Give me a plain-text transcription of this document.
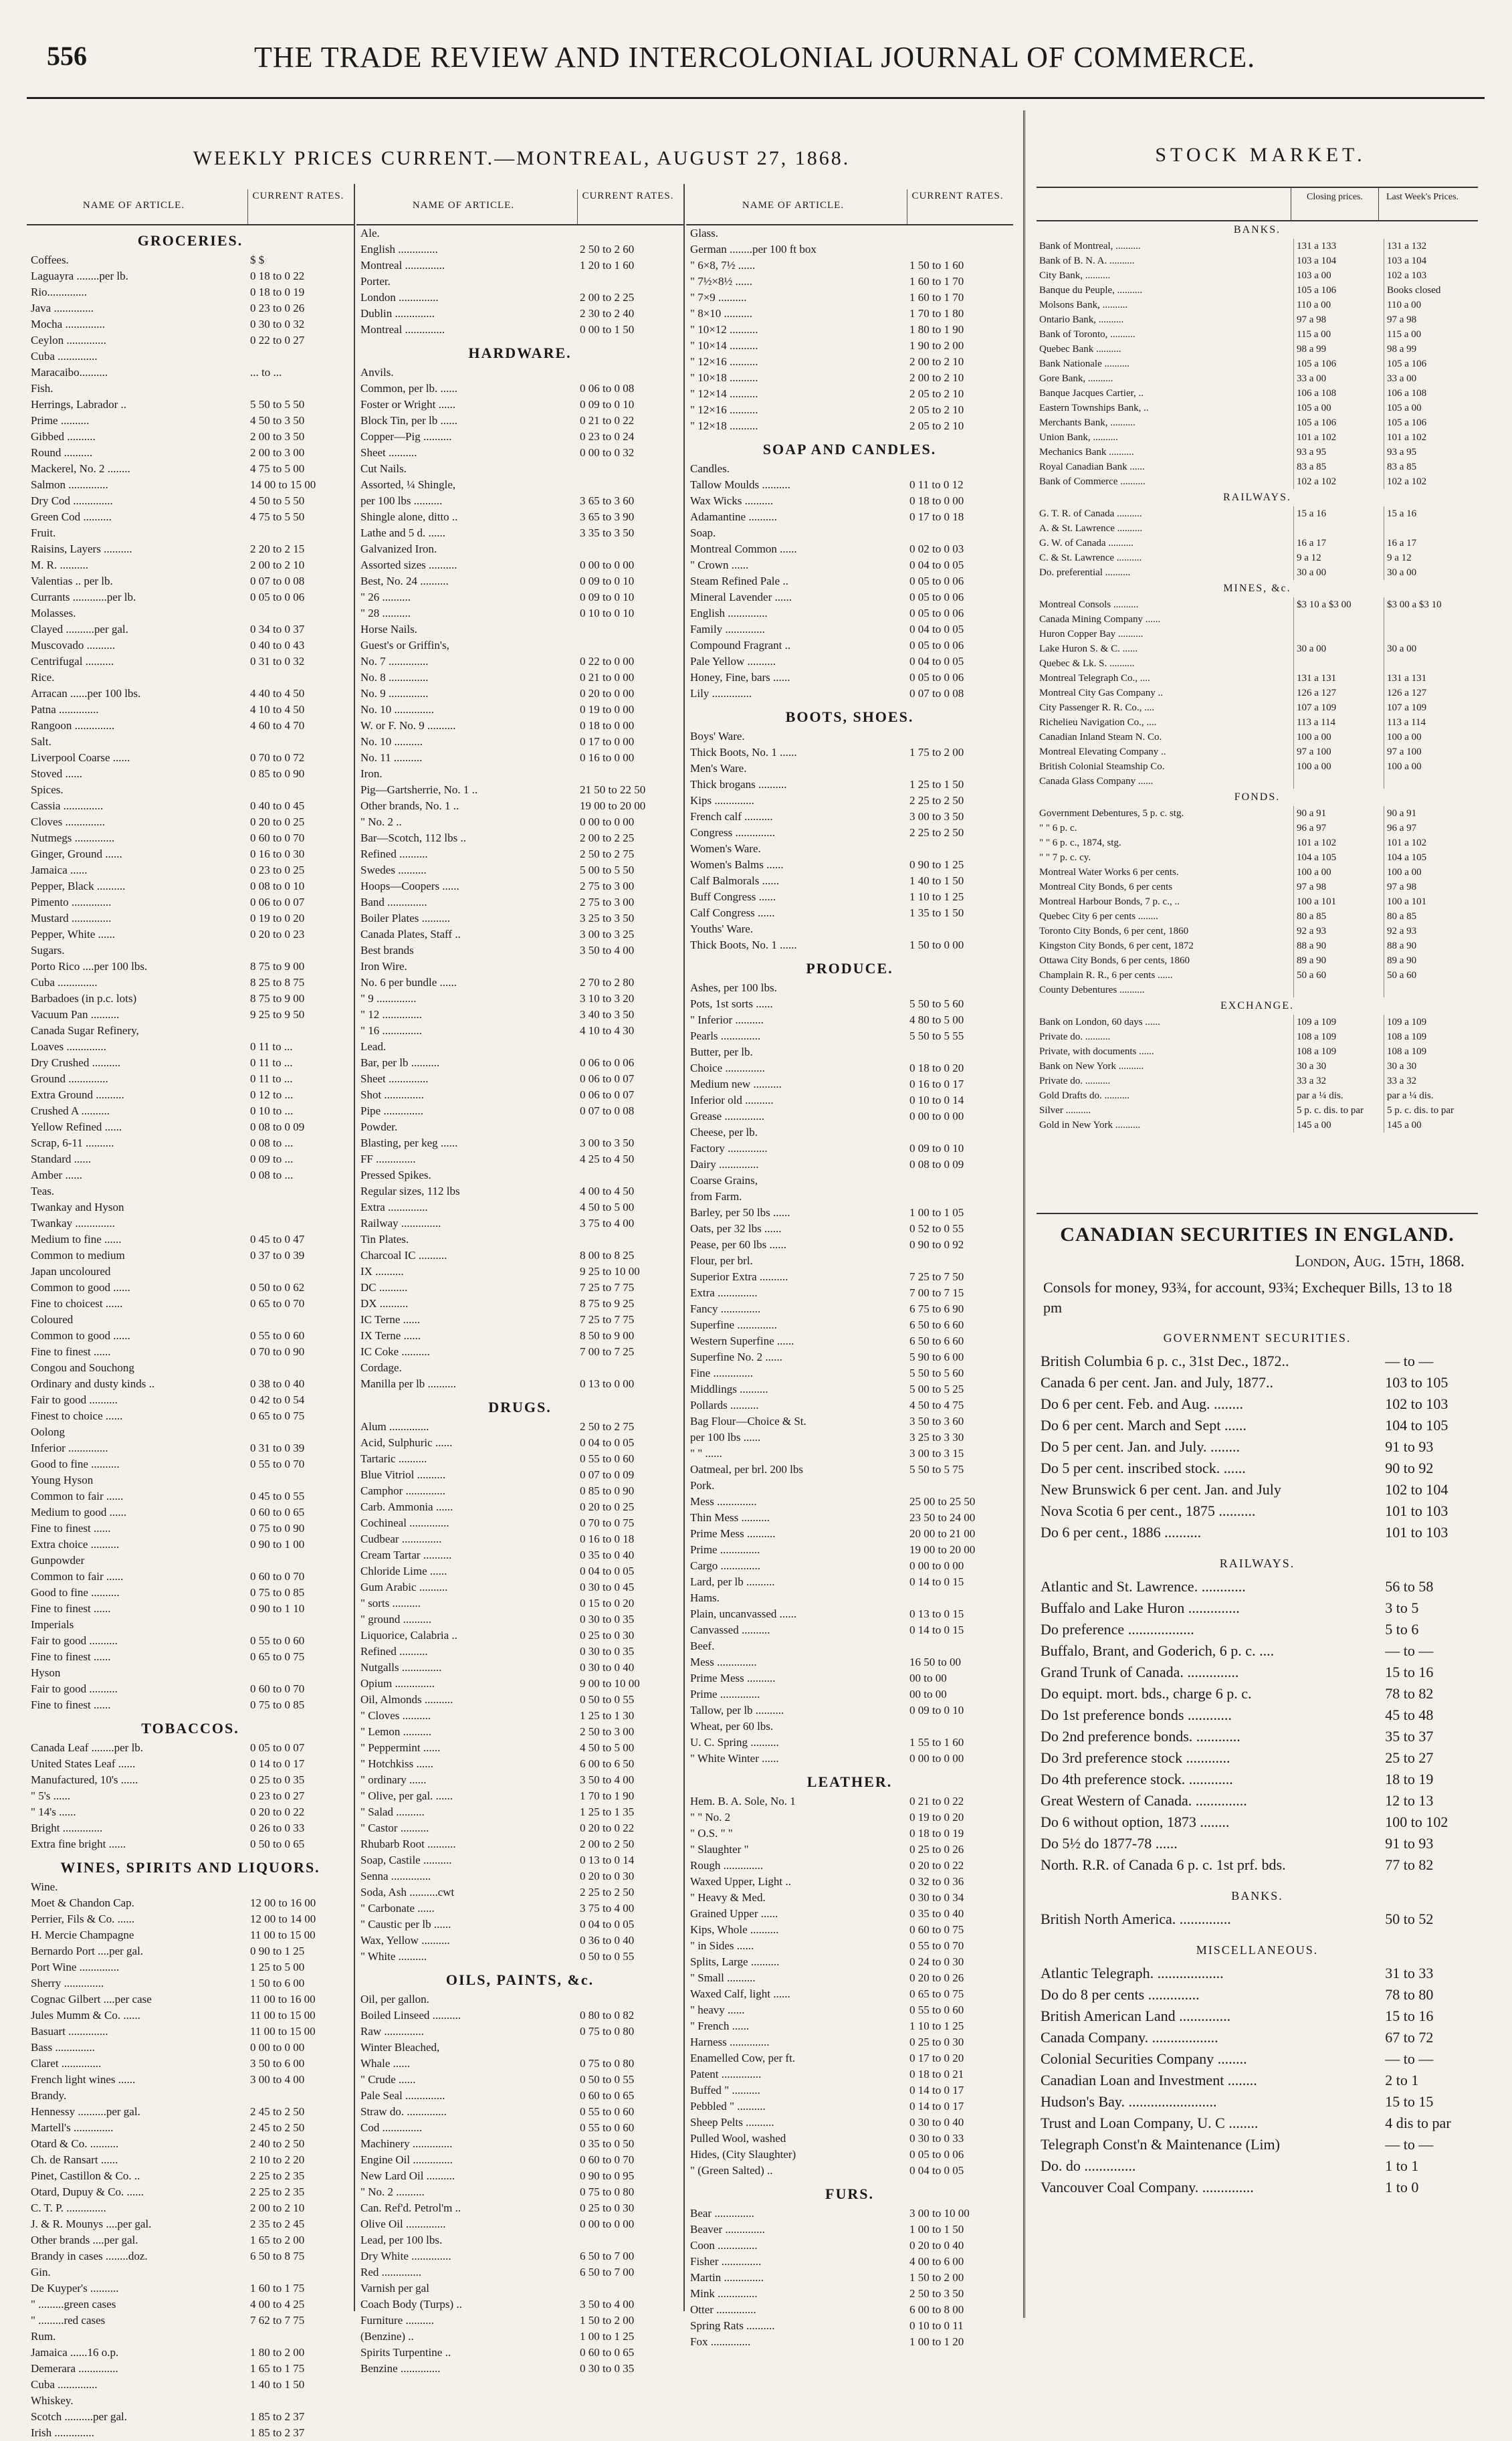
556	THE TRADE REVIEW AND INTERCOLONIAL JOURNAL OF COMMERCE.
WEEKLY PRICES CURRENT.—MONTREAL, AUGUST 27, 1868.
NAME OF ARTICLE.
CURRENT RATES.
GROCERIES.
Coffees.	$ $
Laguayra ........per lb.	0 18 to 0 22
Rio..............	0 18 to 0 19
Java ..............	0 23 to 0 26
Mocha ..............	0 30 to 0 32
Ceylon ..............	0 22 to 0 27
Cuba ..............
Maracaibo..........	... to ...
Fish.
Herrings, Labrador ..	5 50 to 5 50
Prime ..........	4 50 to 3 50
Gibbed ..........	2 00 to 3 50
Round ..........	2 00 to 3 00
Mackerel, No. 2 ........	4 75 to 5 00
Salmon ..............	14 00 to 15 00
Dry Cod ..............	4 50 to 5 50
Green Cod ..........	4 75 to 5 50
Fruit.
Raisins, Layers ..........	2 20 to 2 15
M. R. ..........	2 00 to 2 10
Valentias .. per lb.	0 07 to 0 08
Currants ............per lb.	0 05 to 0 06
Molasses.
Clayed ..........per gal.	0 34 to 0 37
Muscovado ..........	0 40 to 0 43
Centrifugal ..........	0 31 to 0 32
Rice.
Arracan ......per 100 lbs.	4 40 to 4 50
Patna ..............	4 10 to 4 50
Rangoon ..............	4 60 to 4 70
Salt.
Liverpool Coarse ......	0 70 to 0 72
Stoved ......	0 85 to 0 90
Spices.
Cassia ..............	0 40 to 0 45
Cloves ..............	0 20 to 0 25
Nutmegs ..............	0 60 to 0 70
Ginger, Ground ......	0 16 to 0 30
Jamaica ......	0 23 to 0 25
Pepper, Black ..........	0 08 to 0 10
Pimento ..............	0 06 to 0 07
Mustard ..............	0 19 to 0 20
Pepper, White ......	0 20 to 0 23
Sugars.
Porto Rico ....per 100 lbs.	8 75 to 9 00
Cuba ..............	8 25 to 8 75
Barbadoes (in p.c. lots)	8 75 to 9 00
Vacuum Pan ..........	9 25 to 9 50
Canada Sugar Refinery,
Loaves ..............	0 11 to ...
Dry Crushed ..........	0 11 to ...
Ground ..............	0 11 to ...
Extra Ground ..........	0 12 to ...
Crushed A ..........	0 10 to ...
Yellow Refined ......	0 08 to 0 09
Scrap, 6-11 ..........	0 08 to ...
Standard ......	0 09 to ...
Amber ......	0 08 to ...
Teas.
Twankay and Hyson
Twankay ..............
Medium to fine ......	0 45 to 0 47
Common to medium	0 37 to 0 39
Japan uncoloured
Common to good ......	0 50 to 0 62
Fine to choicest ......	0 65 to 0 70
Coloured
Common to good ......	0 55 to 0 60
Fine to finest ......	0 70 to 0 90
Congou and Souchong
Ordinary and dusty kinds ..	0 38 to 0 40
Fair to good ..........	0 42 to 0 54
Finest to choice ......	0 65 to 0 75
Oolong
Inferior ..............	0 31 to 0 39
Good to fine ..........	0 55 to 0 70
Young Hyson
Common to fair ......	0 45 to 0 55
Medium to good ......	0 60 to 0 65
Fine to finest ......	0 75 to 0 90
Extra choice ..........	0 90 to 1 00
Gunpowder
Common to fair ......	0 60 to 0 70
Good to fine ..........	0 75 to 0 85
Fine to finest ......	0 90 to 1 10
Imperials
Fair to good ..........	0 55 to 0 60
Fine to finest ......	0 65 to 0 75
Hyson
Fair to good ..........	0 60 to 0 70
Fine to finest ......	0 75 to 0 85
TOBACCOS.
Canada Leaf ........per lb.	0 05 to 0 07
United States Leaf ......	0 14 to 0 17
Manufactured, 10's ......	0 25 to 0 35
" 5's ......	0 23 to 0 27
" 14's ......	0 20 to 0 22
Bright ..............	0 26 to 0 33
Extra fine bright ......	0 50 to 0 65
WINES, SPIRITS AND LIQUORS.
Wine.
Moet & Chandon Cap.	12 00 to 16 00
Perrier, Fils & Co. ......	12 00 to 14 00
H. Mercie Champagne	11 00 to 15 00
Bernardo Port ....per gal.	0 90 to 1 25
Port Wine ..............	1 25 to 5 00
Sherry ..............	1 50 to 6 00
Cognac Gilbert ....per case	11 00 to 16 00
Jules Mumm & Co. ......	11 00 to 15 00
Basuart ..............	11 00 to 15 00
Bass ..............	0 00 to 0 00
Claret ..............	3 50 to 6 00
French light wines ......	3 00 to 4 00
Brandy.
Hennessy ..........per gal.	2 45 to 2 50
Martell's ..............	2 45 to 2 50
Otard & Co. ..........	2 40 to 2 50
Ch. de Ransart ......	2 10 to 2 20
Pinet, Castillon & Co. ..	2 25 to 2 35
Otard, Dupuy & Co. ......	2 25 to 2 35
C. T. P. ..............	2 00 to 2 10
J. & R. Mounys ....per gal.	2 35 to 2 45
Other brands ....per gal.	1 65 to 2 00
Brandy in cases ........doz.	6 50 to 8 75
Gin.
De Kuyper's ..........	1 60 to 1 75
" .........green cases	4 00 to 4 25
" .........red cases	7 62 to 7 75
Rum.
Jamaica ......16 o.p.	1 80 to 2 00
Demerara ..............	1 65 to 1 75
Cuba ..............	1 40 to 1 50
Whiskey.
Scotch ..........per gal.	1 85 to 2 37
Irish ..............	1 85 to 2 37
NAME OF ARTICLE.
CURRENT RATES.
Ale.
English ..............	2 50 to 2 60
Montreal ..............	1 20 to 1 60
Porter.
London ..............	2 00 to 2 25
Dublin ..............	2 30 to 2 40
Montreal ..............	0 00 to 1 50
HARDWARE.
Anvils.
Common, per lb. ......	0 06 to 0 08
Foster or Wright ......	0 09 to 0 10
Block Tin, per lb ......	0 21 to 0 22
Copper—Pig ..........	0 23 to 0 24
Sheet ..........	0 00 to 0 32
Cut Nails.
Assorted, ¼ Shingle,
per 100 lbs ..........	3 65 to 3 60
Shingle alone, ditto ..	3 65 to 3 90
Lathe and 5 d. ......	3 35 to 3 50
Galvanized Iron.
Assorted sizes ..........	0 00 to 0 00
Best, No. 24 ..........	0 09 to 0 10
" 26 ..........	0 09 to 0 10
" 28 ..........	0 10 to 0 10
Horse Nails.
Guest's or Griffin's,
No. 7 ..............	0 22 to 0 00
No. 8 ..............	0 21 to 0 00
No. 9 ..............	0 20 to 0 00
No. 10 ..............	0 19 to 0 00
W. or F. No. 9 ..........	0 18 to 0 00
No. 10 ..........	0 17 to 0 00
No. 11 ..........	0 16 to 0 00
Iron.
Pig—Gartsherrie, No. 1 ..	21 50 to 22 50
Other brands, No. 1 ..	19 00 to 20 00
" No. 2 ..	0 00 to 0 00
Bar—Scotch, 112 lbs ..	2 00 to 2 25
Refined ..........	2 50 to 2 75
Swedes ..........	5 00 to 5 50
Hoops—Coopers ......	2 75 to 3 00
Band ..............	2 75 to 3 00
Boiler Plates ..........	3 25 to 3 50
Canada Plates, Staff ..	3 00 to 3 25
Best brands	3 50 to 4 00
Iron Wire.
No. 6 per bundle ......	2 70 to 2 80
" 9 ..............	3 10 to 3 20
" 12 ..............	3 40 to 3 50
" 16 ..............	4 10 to 4 30
Lead.
Bar, per lb ..........	0 06 to 0 06
Sheet ..............	0 06 to 0 07
Shot ..............	0 06 to 0 07
Pipe ..............	0 07 to 0 08
Powder.
Blasting, per keg ......	3 00 to 3 50
FF ..............	4 25 to 4 50
Pressed Spikes.
Regular sizes, 112 lbs	4 00 to 4 50
Extra ..............	4 50 to 5 00
Railway ..............	3 75 to 4 00
Tin Plates.
Charcoal IC ..........	8 00 to 8 25
IX ..........	9 25 to 10 00
DC ..........	7 25 to 7 75
DX ..........	8 75 to 9 25
IC Terne ......	7 25 to 7 75
IX Terne ......	8 50 to 9 00
IC Coke ..........	7 00 to 7 25
Cordage.
Manilla per lb ..........	0 13 to 0 00
DRUGS.
Alum ..............	2 50 to 2 75
Acid, Sulphuric ......	0 04 to 0 05
Tartaric ..........	0 55 to 0 60
Blue Vitriol ..........	0 07 to 0 09
Camphor ..............	0 85 to 0 90
Carb. Ammonia ......	0 20 to 0 25
Cochineal ..............	0 70 to 0 75
Cudbear ..............	0 16 to 0 18
Cream Tartar ..........	0 35 to 0 40
Chloride Lime ......	0 04 to 0 05
Gum Arabic ..........	0 30 to 0 45
" sorts ..........	0 15 to 0 20
" ground ..........	0 30 to 0 35
Liquorice, Calabria ..	0 25 to 0 30
Refined ..........	0 30 to 0 35
Nutgalls ..............	0 30 to 0 40
Opium ..............	9 00 to 10 00
Oil, Almonds ..........	0 50 to 0 55
" Cloves ..........	1 25 to 1 30
" Lemon ..........	2 50 to 3 00
" Peppermint ......	4 50 to 5 00
" Hotchkiss ......	6 00 to 6 50
" ordinary ......	3 50 to 4 00
" Olive, per gal. ......	1 70 to 1 90
" Salad ..........	1 25 to 1 35
" Castor ..........	0 20 to 0 22
Rhubarb Root ..........	2 00 to 2 50
Soap, Castile ..........	0 13 to 0 14
Senna ..............	0 20 to 0 30
Soda, Ash ..........cwt	2 25 to 2 50
" Carbonate ......	3 75 to 4 00
" Caustic per lb ......	0 04 to 0 05
Wax, Yellow ..........	0 36 to 0 40
" White ..........	0 50 to 0 55
OILS, PAINTS, &c.
Oil, per gallon.
Boiled Linseed ..........	0 80 to 0 82
Raw ..............	0 75 to 0 80
Winter Bleached,
Whale ......	0 75 to 0 80
" Crude ......	0 50 to 0 55
Pale Seal ..............	0 60 to 0 65
Straw do. ..............	0 55 to 0 60
Cod ..............	0 55 to 0 60
Machinery ..............	0 35 to 0 50
Engine Oil ..............	0 60 to 0 70
New Lard Oil ..........	0 90 to 0 95
" No. 2 ..........	0 75 to 0 80
Can. Ref'd. Petrol'm ..	0 25 to 0 30
Olive Oil ..............	0 00 to 0 00
Lead, per 100 lbs.
Dry White ..............	6 50 to 7 00
Red ..............	6 50 to 7 00
Varnish per gal
Coach Body (Turps) ..	3 50 to 4 00
Furniture ..........	1 50 to 2 00
(Benzine) ..	1 00 to 1 25
Spirits Turpentine ..	0 60 to 0 65
Benzine ..............	0 30 to 0 35
NAME OF ARTICLE.
CURRENT RATES.
Glass.
German ........per 100 ft box
" 6×8, 7½ ......	1 50 to 1 60
" 7½×8½ ......	1 60 to 1 70
" 7×9 ..........	1 60 to 1 70
" 8×10 ..........	1 70 to 1 80
" 10×12 ..........	1 80 to 1 90
" 10×14 ..........	1 90 to 2 00
" 12×16 ..........	2 00 to 2 10
" 10×18 ..........	2 00 to 2 10
" 12×14 ..........	2 05 to 2 10
" 12×16 ..........	2 05 to 2 10
" 12×18 ..........	2 05 to 2 10
SOAP AND CANDLES.
Candles.
Tallow Moulds ..........	0 11 to 0 12
Wax Wicks ..........	0 18 to 0 00
Adamantine ..........	0 17 to 0 18
Soap.
Montreal Common ......	0 02 to 0 03
" Crown ......	0 04 to 0 05
Steam Refined Pale ..	0 05 to 0 06
Mineral Lavender ......	0 05 to 0 06
English ..............	0 05 to 0 06
Family ..............	0 04 to 0 05
Compound Fragrant ..	0 05 to 0 06
Pale Yellow ..........	0 04 to 0 05
Honey, Fine, bars ......	0 05 to 0 06
Lily ..............	0 07 to 0 08
BOOTS, SHOES.
Boys' Ware.
Thick Boots, No. 1 ......	1 75 to 2 00
Men's Ware.
Thick brogans ..........	1 25 to 1 50
Kips ..............	2 25 to 2 50
French calf ..........	3 00 to 3 50
Congress ..............	2 25 to 2 50
Women's Ware.
Women's Balms ......	0 90 to 1 25
Calf Balmorals ......	1 40 to 1 50
Buff Congress ......	1 10 to 1 25
Calf Congress ......	1 35 to 1 50
Youths' Ware.
Thick Boots, No. 1 ......	1 50 to 0 00
PRODUCE.
Ashes, per 100 lbs.
Pots, 1st sorts ......	5 50 to 5 60
" Inferior ..........	4 80 to 5 00
Pearls ..............	5 50 to 5 55
Butter, per lb.
Choice ..............	0 18 to 0 20
Medium new ..........	0 16 to 0 17
Inferior old ..........	0 10 to 0 14
Grease ..............	0 00 to 0 00
Cheese, per lb.
Factory ..............	0 09 to 0 10
Dairy ..............	0 08 to 0 09
Coarse Grains,
from Farm.
Barley, per 50 lbs ......	1 00 to 1 05
Oats, per 32 lbs ......	0 52 to 0 55
Pease, per 60 lbs ......	0 90 to 0 92
Flour, per brl.
Superior Extra ..........	7 25 to 7 50
Extra ..............	7 00 to 7 15
Fancy ..............	6 75 to 6 90
Superfine ..............	6 50 to 6 60
Western Superfine ......	6 50 to 6 60
Superfine No. 2 ......	5 90 to 6 00
Fine ..............	5 50 to 5 60
Middlings ..........	5 00 to 5 25
Pollards ..........	4 50 to 4 75
Bag Flour—Choice & St.	3 50 to 3 60
per 100 lbs ......	3 25 to 3 30
" " ......	3 00 to 3 15
Oatmeal, per brl. 200 lbs	5 50 to 5 75
Pork.
Mess ..............	25 00 to 25 50
Thin Mess ..........	23 50 to 24 00
Prime Mess ..........	20 00 to 21 00
Prime ..............	19 00 to 20 00
Cargo ..............	0 00 to 0 00
Lard, per lb ..........	0 14 to 0 15
Hams.
Plain, uncanvassed ......	0 13 to 0 15
Canvassed ..........	0 14 to 0 15
Beef.
Mess ..............	16 50 to 00
Prime Mess ..........	00 to 00
Prime ..............	00 to 00
Tallow, per lb ..........	0 09 to 0 10
Wheat, per 60 lbs.
U. C. Spring ..........	1 55 to 1 60
" White Winter ......	0 00 to 0 00
LEATHER.
Hem. B. A. Sole, No. 1	0 21 to 0 22
" " No. 2	0 19 to 0 20
" O.S. " "	0 18 to 0 19
" Slaughter "	0 25 to 0 26
Rough ..............	0 20 to 0 22
Waxed Upper, Light ..	0 32 to 0 36
" Heavy & Med.	0 30 to 0 34
Grained Upper ......	0 35 to 0 40
Kips, Whole ..........	0 60 to 0 75
" in Sides ......	0 55 to 0 70
Splits, Large ..........	0 24 to 0 30
" Small ..........	0 20 to 0 26
Waxed Calf, light ......	0 65 to 0 75
" heavy ......	0 55 to 0 60
" French ......	1 10 to 1 25
Harness ..............	0 25 to 0 30
Enamelled Cow, per ft.	0 17 to 0 20
Patent ..............	0 18 to 0 21
Buffed " ..........	0 14 to 0 17
Pebbled " ..........	0 14 to 0 17
Sheep Pelts ..........	0 30 to 0 40
Pulled Wool, washed	0 30 to 0 33
Hides, (City Slaughter)	0 05 to 0 06
" (Green Salted) ..	0 04 to 0 05
FURS.
Bear ..............	3 00 to 10 00
Beaver ..............	1 00 to 1 50
Coon ..............	0 20 to 0 40
Fisher ..............	4 00 to 6 00
Martin ..............	1 50 to 2 00
Mink ..............	2 50 to 3 50
Otter ..............	6 00 to 8 00
Spring Rats ..........	0 10 to 0 11
Fox ..............	1 00 to 1 20
STOCK MARKET.
Closing prices.	Last Week's Prices.
BANKS.
Bank of Montreal, ..........	131 a 133	131 a 132
Bank of B. N. A. ..........	103 a 104	103 a 104
City Bank, ..........	103 a 00	102 a 103
Banque du Peuple, ..........	105 a 106	Books closed
Molsons Bank, ..........	110 a 00	110 a 00
Ontario Bank, ..........	97 a 98	97 a 98
Bank of Toronto, ..........	115 a 00	115 a 00
Quebec Bank ..........	98 a 99	98 a 99
Bank Nationale ..........	105 a 106	105 a 106
Gore Bank, ..........	33 a 00	33 a 00
Banque Jacques Cartier, ..	106 a 108	106 a 108
Eastern Townships Bank, ..	105 a 00	105 a 00
Merchants Bank, ..........	105 a 106	105 a 106
Union Bank, ..........	101 a 102	101 a 102
Mechanics Bank ..........	93 a 95	93 a 95
Royal Canadian Bank ......	83 a 85	83 a 85
Bank of Commerce ..........	102 a 102	102 a 102
RAILWAYS.
G. T. R. of Canada ..........	15 a 16	15 a 16
A. & St. Lawrence ..........
G. W. of Canada ..........	16 a 17	16 a 17
C. & St. Lawrence ..........	9 a 12	9 a 12
Do. preferential ..........	30 a 00	30 a 00
MINES, &c.
Montreal Consols ..........	$3 10 a $3 00	$3 00 a $3 10
Canada Mining Company ......
Huron Copper Bay ..........
Lake Huron S. & C. ......	30 a 00	30 a 00
Quebec & Lk. S. ..........
Montreal Telegraph Co., ....	131 a 131	131 a 131
Montreal City Gas Company ..	126 a 127	126 a 127
City Passenger R. R. Co., ....	107 a 109	107 a 109
Richelieu Navigation Co., ....	113 a 114	113 a 114
Canadian Inland Steam N. Co.	100 a 00	100 a 00
Montreal Elevating Company ..	97 a 100	97 a 100
British Colonial Steamship Co.	100 a 00	100 a 00
Canada Glass Company ......
FONDS.
Government Debentures, 5 p. c. stg.	90 a 91	90 a 91
" " 6 p. c.	96 a 97	96 a 97
" " 6 p. c., 1874, stg.	101 a 102	101 a 102
" " 7 p. c. cy.	104 a 105	104 a 105
Montreal Water Works 6 per cents.	100 a 00	100 a 00
Montreal City Bonds, 6 per cents	97 a 98	97 a 98
Montreal Harbour Bonds, 7 p. c., ..	100 a 101	100 a 101
Quebec City 6 per cents ........	80 a 85	80 a 85
Toronto City Bonds, 6 per cent, 1860	92 a 93	92 a 93
Kingston City Bonds, 6 per cent, 1872	88 a 90	88 a 90
Ottawa City Bonds, 6 per cents, 1860	89 a 90	89 a 90
Champlain R. R., 6 per cents ......	50 a 60	50 a 60
County Debentures ..........
EXCHANGE.
Bank on London, 60 days ......	109 a 109	109 a 109
Private do. ..........	108 a 109	108 a 109
Private, with documents ......	108 a 109	108 a 109
Bank on New York ..........	30 a 30	30 a 30
Private do. ..........	33 a 32	33 a 32
Gold Drafts do. ..........	par a ¼ dis.	par a ¼ dis.
Silver ..........	5 p. c. dis. to par	5 p. c. dis. to par
Gold in New York ..........	145 a 00	145 a 00
CANADIAN SECURITIES IN ENGLAND.
London, Aug. 15th, 1868.
Consols for money, 93¾, for account, 93¾; Exchequer Bills, 13 to 18 pm
GOVERNMENT SECURITIES.
British Columbia 6 p. c., 31st Dec., 1872..	— to —
Canada 6 per cent. Jan. and July, 1877..	103 to 105
Do 6 per cent. Feb. and Aug. ........	102 to 103
Do 6 per cent. March and Sept ......	104 to 105
Do 5 per cent. Jan. and July. ........	91 to 93
Do 5 per cent. inscribed stock. ......	90 to 92
New Brunswick 6 per cent. Jan. and July	102 to 104
Nova Scotia 6 per cent., 1875 ..........	101 to 103
Do 6 per cent., 1886 ..........	101 to 103
RAILWAYS.
Atlantic and St. Lawrence. ............	56 to 58
Buffalo and Lake Huron ..............	3 to 5
Do preference ..................	5 to 6
Buffalo, Brant, and Goderich, 6 p. c. ....	— to —
Grand Trunk of Canada. ..............	15 to 16
Do equipt. mort. bds., charge 6 p. c.	78 to 82
Do 1st preference bonds ............	45 to 48
Do 2nd preference bonds. ............	35 to 37
Do 3rd preference stock ............	25 to 27
Do 4th preference stock. ............	18 to 19
Great Western of Canada. ..............	12 to 13
Do 6 without option, 1873 ........	100 to 102
Do 5½ do 1877-78 ......	91 to 93
North. R.R. of Canada 6 p. c. 1st prf. bds.	77 to 82
BANKS.
British North America. ..............	50 to 52
MISCELLANEOUS.
Atlantic Telegraph. ..................	31 to 33
Do do 8 per cents ..............	78 to 80
British American Land ..............	15 to 16
Canada Company. ..................	67 to 72
Colonial Securities Company ........	— to —
Canadian Loan and Investment ........	2 to 1
Hudson's Bay. ........................	15 to 15
Trust and Loan Company, U. C ........	4 dis to par
Telegraph Const'n & Maintenance (Lim)	— to —
Do. do ..............	1 to 1
Vancouver Coal Company. ..............	1 to 0
